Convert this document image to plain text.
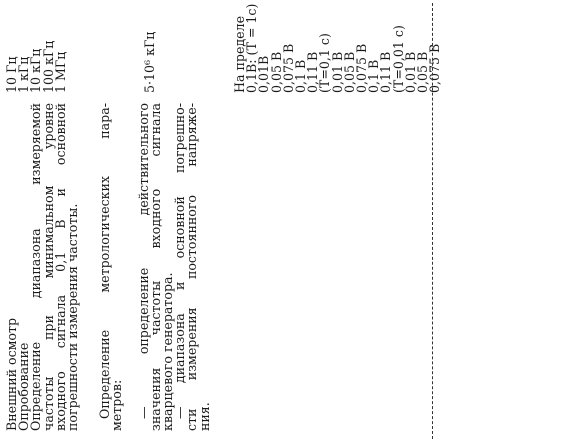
Внешний осмотр
Опробование
Определение диапазона измеряемой
частоты при минимальном уровне
входного сигнала 0,1 В и основной
погрешности измерения частоты. Определение метрологических пара-
метров: — определение действительного
значения частоты входного сигнала
кварцевого генератора.
— диапазона и основной погрешно-
сти измерения постоянного напряже-
ния.
10 Гц
1 кГц
10 кГц
100 кГц
1 МГц	5·10⁶ кГц	На пределе
0,1В: (Т = 1с)
0,01В
0,05 В
0,075 В
0,1 В
0,11 В
(Т=0,1 с)
0,01 В
0,05 В
0,075 В
0,1 В
0,11 В
(Т=0,01 с)
0,01 В
0,05 В
0,075 В
